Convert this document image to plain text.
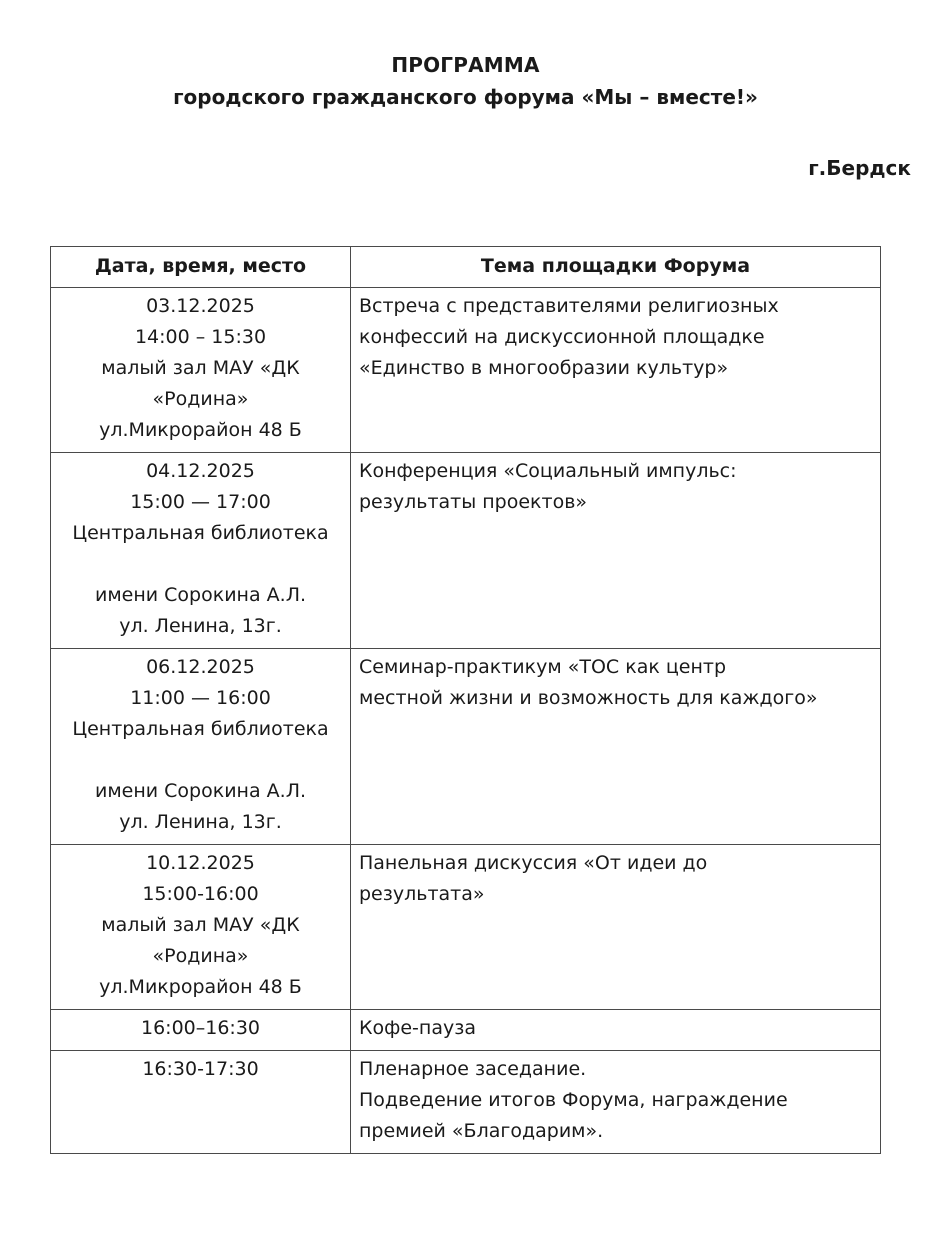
ПРОГРАММА
городского гражданского форума «Мы – вместе!»
г.Бердск
Дата, время, место	Тема площадки Форума

03.12.2025
14:00 – 15:30
малый зал МАУ «ДК
«Родина»
ул.Микрорайон 48 Б	Встреча с представителями религиозных
конфессий на дискуссионной площадке
«Единство в многообразии культур»

04.12.2025
15:00 — 17:00
Центральная библиотека
имени Сорокина А.Л.
ул. Ленина, 13г.	Конференция «Социальный импульс:
результаты проектов»

06.12.2025
11:00 — 16:00
Центральная библиотека
имени Сорокина А.Л.
ул. Ленина, 13г.	Семинар-практикум «ТОС как центр
местной жизни и возможность для каждого»

10.12.2025
15:00-16:00
малый зал МАУ «ДК
«Родина»
ул.Микрорайон 48 Б	Панельная дискуссия «От идеи до
результата»

16:00–16:30	Кофе-пауза

16:30-17:30	Пленарное заседание.
Подведение итогов Форума, награждение
премией «Благодарим».
